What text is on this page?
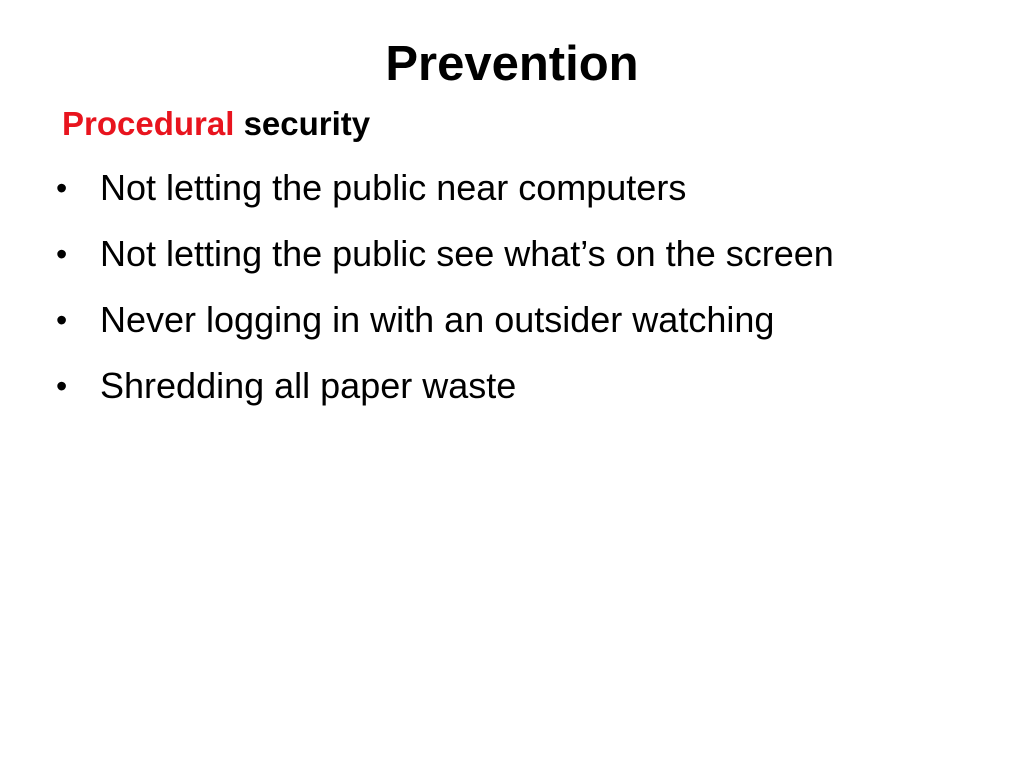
Prevention
Procedural security
• Not letting the public near computers
• Not letting the public see what’s on the screen
• Never logging in with an outsider watching
• Shredding all paper waste
